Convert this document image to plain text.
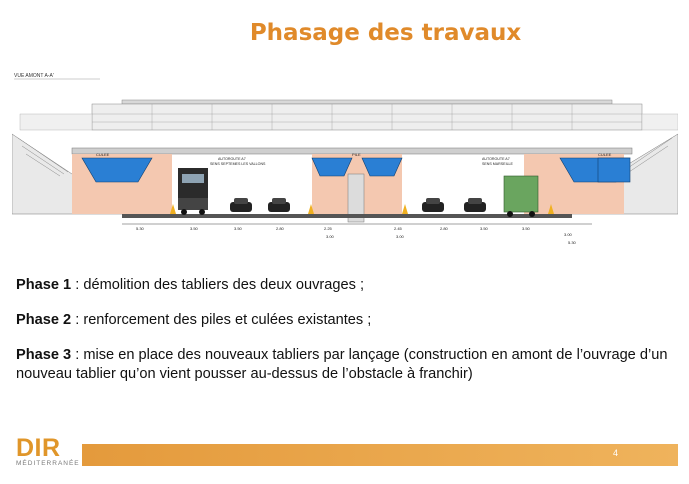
Phasage des travaux
VUE AMONT A-A'
CULEE	CULEE
PILE
AUTOROUTE A7
SENS SEPTEMES LES VALLONS
AUTOROUTE A7
SENS MARSEILLE
5.30	3.50	3.50	2.80	2.25
3.00
2.45
3.00
2.80	3.50	3.50
3.00
5.30

Phase 1 : démolition des tabliers des deux ouvrages ;

Phase 2 : renforcement des piles et culées existantes ;

Phase 3 : mise en place des nouveaux tabliers par lançage (construction en amont de l’ouvrage d’un nouveau tablier qu’on vient pousser au-dessus de l’obstacle à franchir)

DIR
MÉDITERRANÉE
4
